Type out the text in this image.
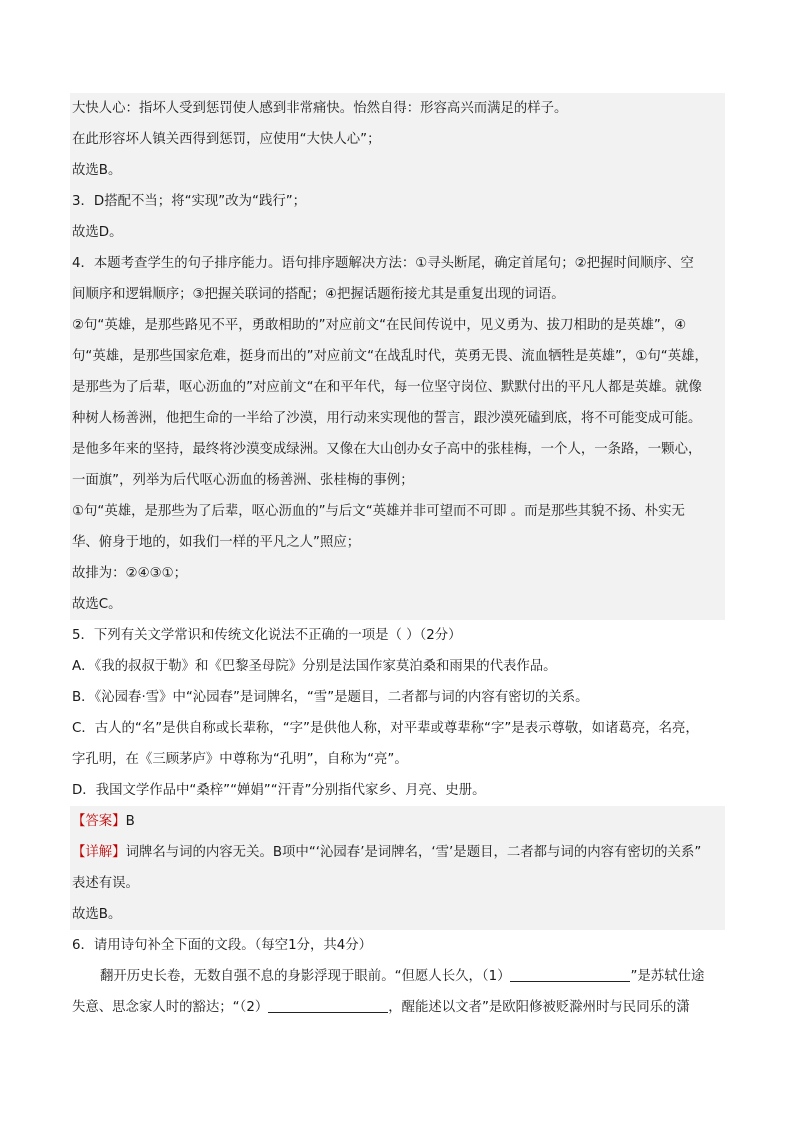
大快人心：指坏人受到惩罚使人感到非常痛快。怡然自得：形容高兴而满足的样子。
在此形容坏人镇关西得到惩罚，应使用“大快人心”；
故选B。
3．D搭配不当；将“实现”改为“践行”；
故选D。
4．本题考查学生的句子排序能力。语句排序题解决方法：①寻头断尾，确定首尾句；②把握时间顺序、空
间顺序和逻辑顺序；③把握关联词的搭配；④把握话题衔接尤其是重复出现的词语。
②句“英雄，是那些路见不平，勇敢相助的”对应前文“在民间传说中，见义勇为、拔刀相助的是英雄”，④
句“英雄，是那些国家危难，挺身而出的”对应前文“在战乱时代，英勇无畏、流血牺牲是英雄”，①句“英雄，
是那些为了后辈，呕心沥血的”对应前文“在和平年代，每一位坚守岗位、默默付出的平凡人都是英雄。就像
种树人杨善洲，他把生命的一半给了沙漠，用行动来实现他的誓言，跟沙漠死磕到底，将不可能变成可能。
是他多年来的坚持，最终将沙漠变成绿洲。又像在大山创办女子高中的张桂梅，一个人，一条路，一颗心，
一面旗”，列举为后代呕心沥血的杨善洲、张桂梅的事例；
①句“英雄，是那些为了后辈，呕心沥血的”与后文“英雄并非可望而不可即 。而是那些其貌不扬、朴实无
华、俯身于地的，如我们一样的平凡之人”照应；
故排为：②④③①；
故选C。
5．下列有关文学常识和传统文化说法不正确的一项是（ ）（2分）
A．《我的叔叔于勒》和《巴黎圣母院》分别是法国作家莫泊桑和雨果的代表作品。
B．《沁园春·雪》中“沁园春”是词牌名，“雪”是题目，二者都与词的内容有密切的关系。
C．古人的“名”是供自称或长辈称，“字”是供他人称，对平辈或尊辈称“字”是表示尊敬，如诸葛亮，名亮，
字孔明，在《三顾茅庐》中尊称为“孔明”，自称为“亮”。
D．我国文学作品中“桑梓”“婵娟”“汗青”分别指代家乡、月亮、史册。
【答案】B
【详解】词牌名与词的内容无关。B项中“‘沁园春’是词牌名，‘雪’是题目，二者都与词的内容有密切的关系”
表述有误。
故选B。
6．请用诗句补全下面的文段。（每空1分，共4分）
翻开历史长卷，无数自强不息的身影浮现于眼前。“但愿人长久，（1）	”是苏轼仕途
失意、思念家人时的豁达；“（2）	，醒能述以文者”是欧阳修被贬滁州时与民同乐的潇
